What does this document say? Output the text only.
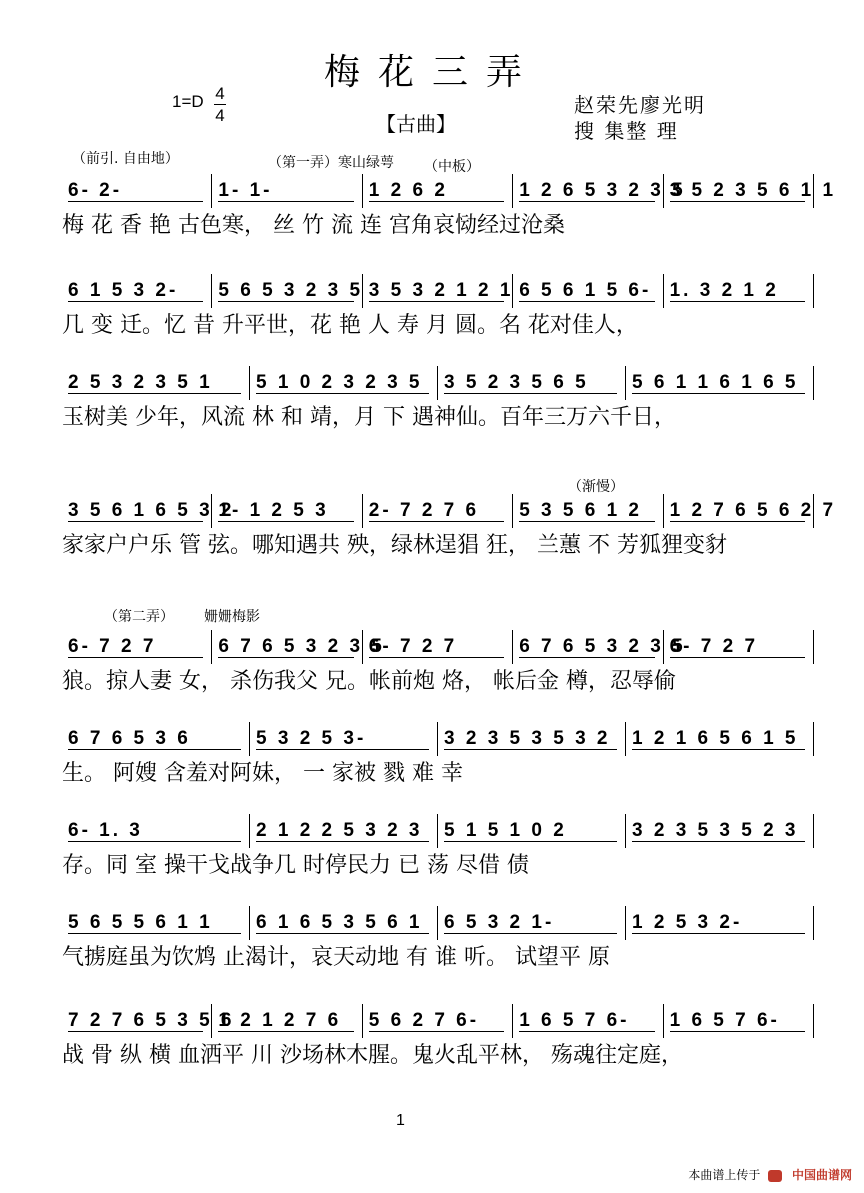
梅花三弄
1=D 4
4	【古曲】
赵荣先廖光明
搜 集整 理
（前引. 自由地）	（第一弄）寒山绿萼 （中板）
（渐慢）
（第二弄） 姗姗梅影
6- 2-	1- 1-	1 2 6 2	1 2 6 5 3 2 3 5
3 5 2 3 5 6 1 1
梅 花 香 艳 古色寒， 丝 竹 流 连 宫角哀恸经过沧桑
6 1 5 3 2-	5 6 5 3 2 3 5 3 5 3 2 1 2 1 6 5 6 1 5 6- 1. 3 2 1 2
几 变 迁。忆 昔 升平世，花 艳 人 寿 月 圆。名 花对佳人，
2 5 3 2 3 5 1	5 1 0 2 3 2 3 5	3 5 2 3 5 6 5	5 6 1 1 6 1 6 5
玉树美 少年，风流 林 和 靖，月 下 遇神仙。百年三万六千日，
3 5 6 1 6 5 3 2
1- 1 2 5 3	2- 7 2 7 6	5 3 5 6 1 2	1 2 7 6 5 6 2 7
家家户户乐 管 弦。哪知遇共 殃，绿林逞猖 狂， 兰蕙 不 芳狐狸变豺
6- 7 2 7	6 7 6 5 3 2 3 5
6- 7 2 7	6 7 6 5 3 2 3 5
6- 7 2 7
狼。掠人妻 女， 杀伤我父 兄。帐前炮 烙， 帐后金 樽，忍辱偷
6 7 6 5 3 6	5 3 2 5 3-	3 2 3 5 3 5 3 2	1 2 1 6 5 6 1 5
生。 阿嫂 含羞对阿妹， 一 家被 戮 难 幸
6- 1. 3	2 1 2 2 5 3 2 3	5 1 5 1 0 2	3 2 3 5 3 5 2 3
存。同 室 操干戈战争几 时停民力 已 荡 尽借 债
5 6 5 5 6 1 1	6 1 6 5 3 5 6 1	6 5 3 2 1-	1 2 5 3 2-
气掳庭虽为饮鸩 止渴计，哀天动地 有 谁 听。 试望平 原
7 2 7 6 5 3 5 6
1 2 1 2 7 6	5 6 2 7 6-	1 6 5 7 6-	1 6 5 7 6-
战 骨 纵 横 血洒平 川 沙场林木腥。鬼火乱平林， 殇魂往定庭，
1
本曲谱上传于	中国曲谱网
